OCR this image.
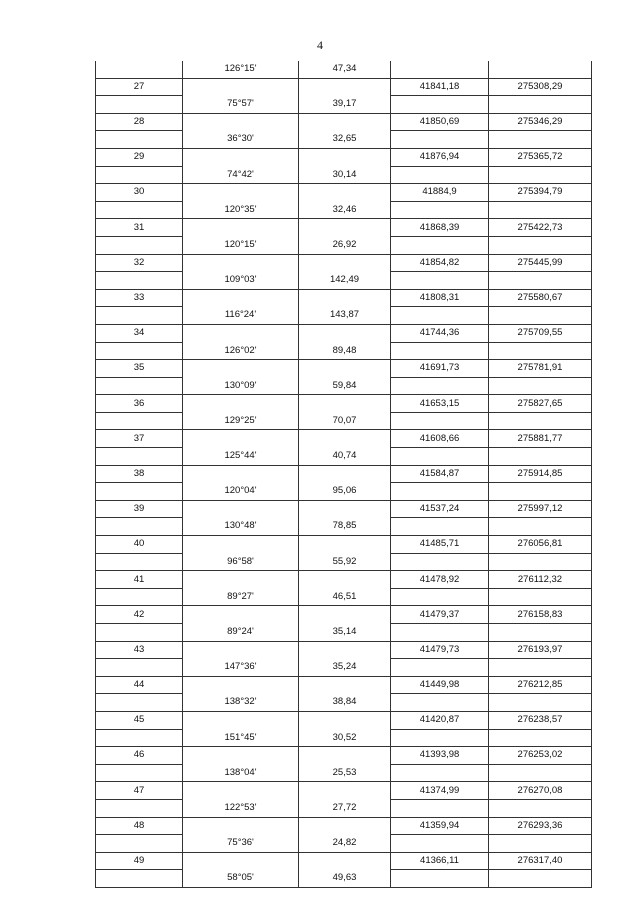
4
	126°15'	47,34		
27			41841,18	275308,29
	75°57'	39,17		
28			41850,69	275346,29
	36°30'	32,65		
29			41876,94	275365,72
	74°42'	30,14		
30			41884,9	275394,79
	120°35'	32,46		
31			41868,39	275422,73
	120°15'	26,92		
32			41854,82	275445,99
	109°03'	142,49		
33			41808,31	275580,67
	116°24'	143,87		
34			41744,36	275709,55
	126°02'	89,48		
35			41691,73	275781,91
	130°09'	59,84		
36			41653,15	275827,65
	129°25'	70,07		
37			41608,66	275881,77
	125°44'	40,74		
38			41584,87	275914,85
	120°04'	95,06		
39			41537,24	275997,12
	130°48'	78,85		
40			41485,71	276056,81
	96°58'	55,92		
41			41478,92	276112,32
	89°27'	46,51		
42			41479,37	276158,83
	89°24'	35,14		
43			41479,73	276193,97
	147°36'	35,24		
44			41449,98	276212,85
	138°32'	38,84		
45			41420,87	276238,57
	151°45'	30,52		
46			41393,98	276253,02
	138°04'	25,53		
47			41374,99	276270,08
	122°53'	27,72		
48			41359,94	276293,36
	75°36'	24,82		
49			41366,11	276317,40
	58°05'	49,63		
